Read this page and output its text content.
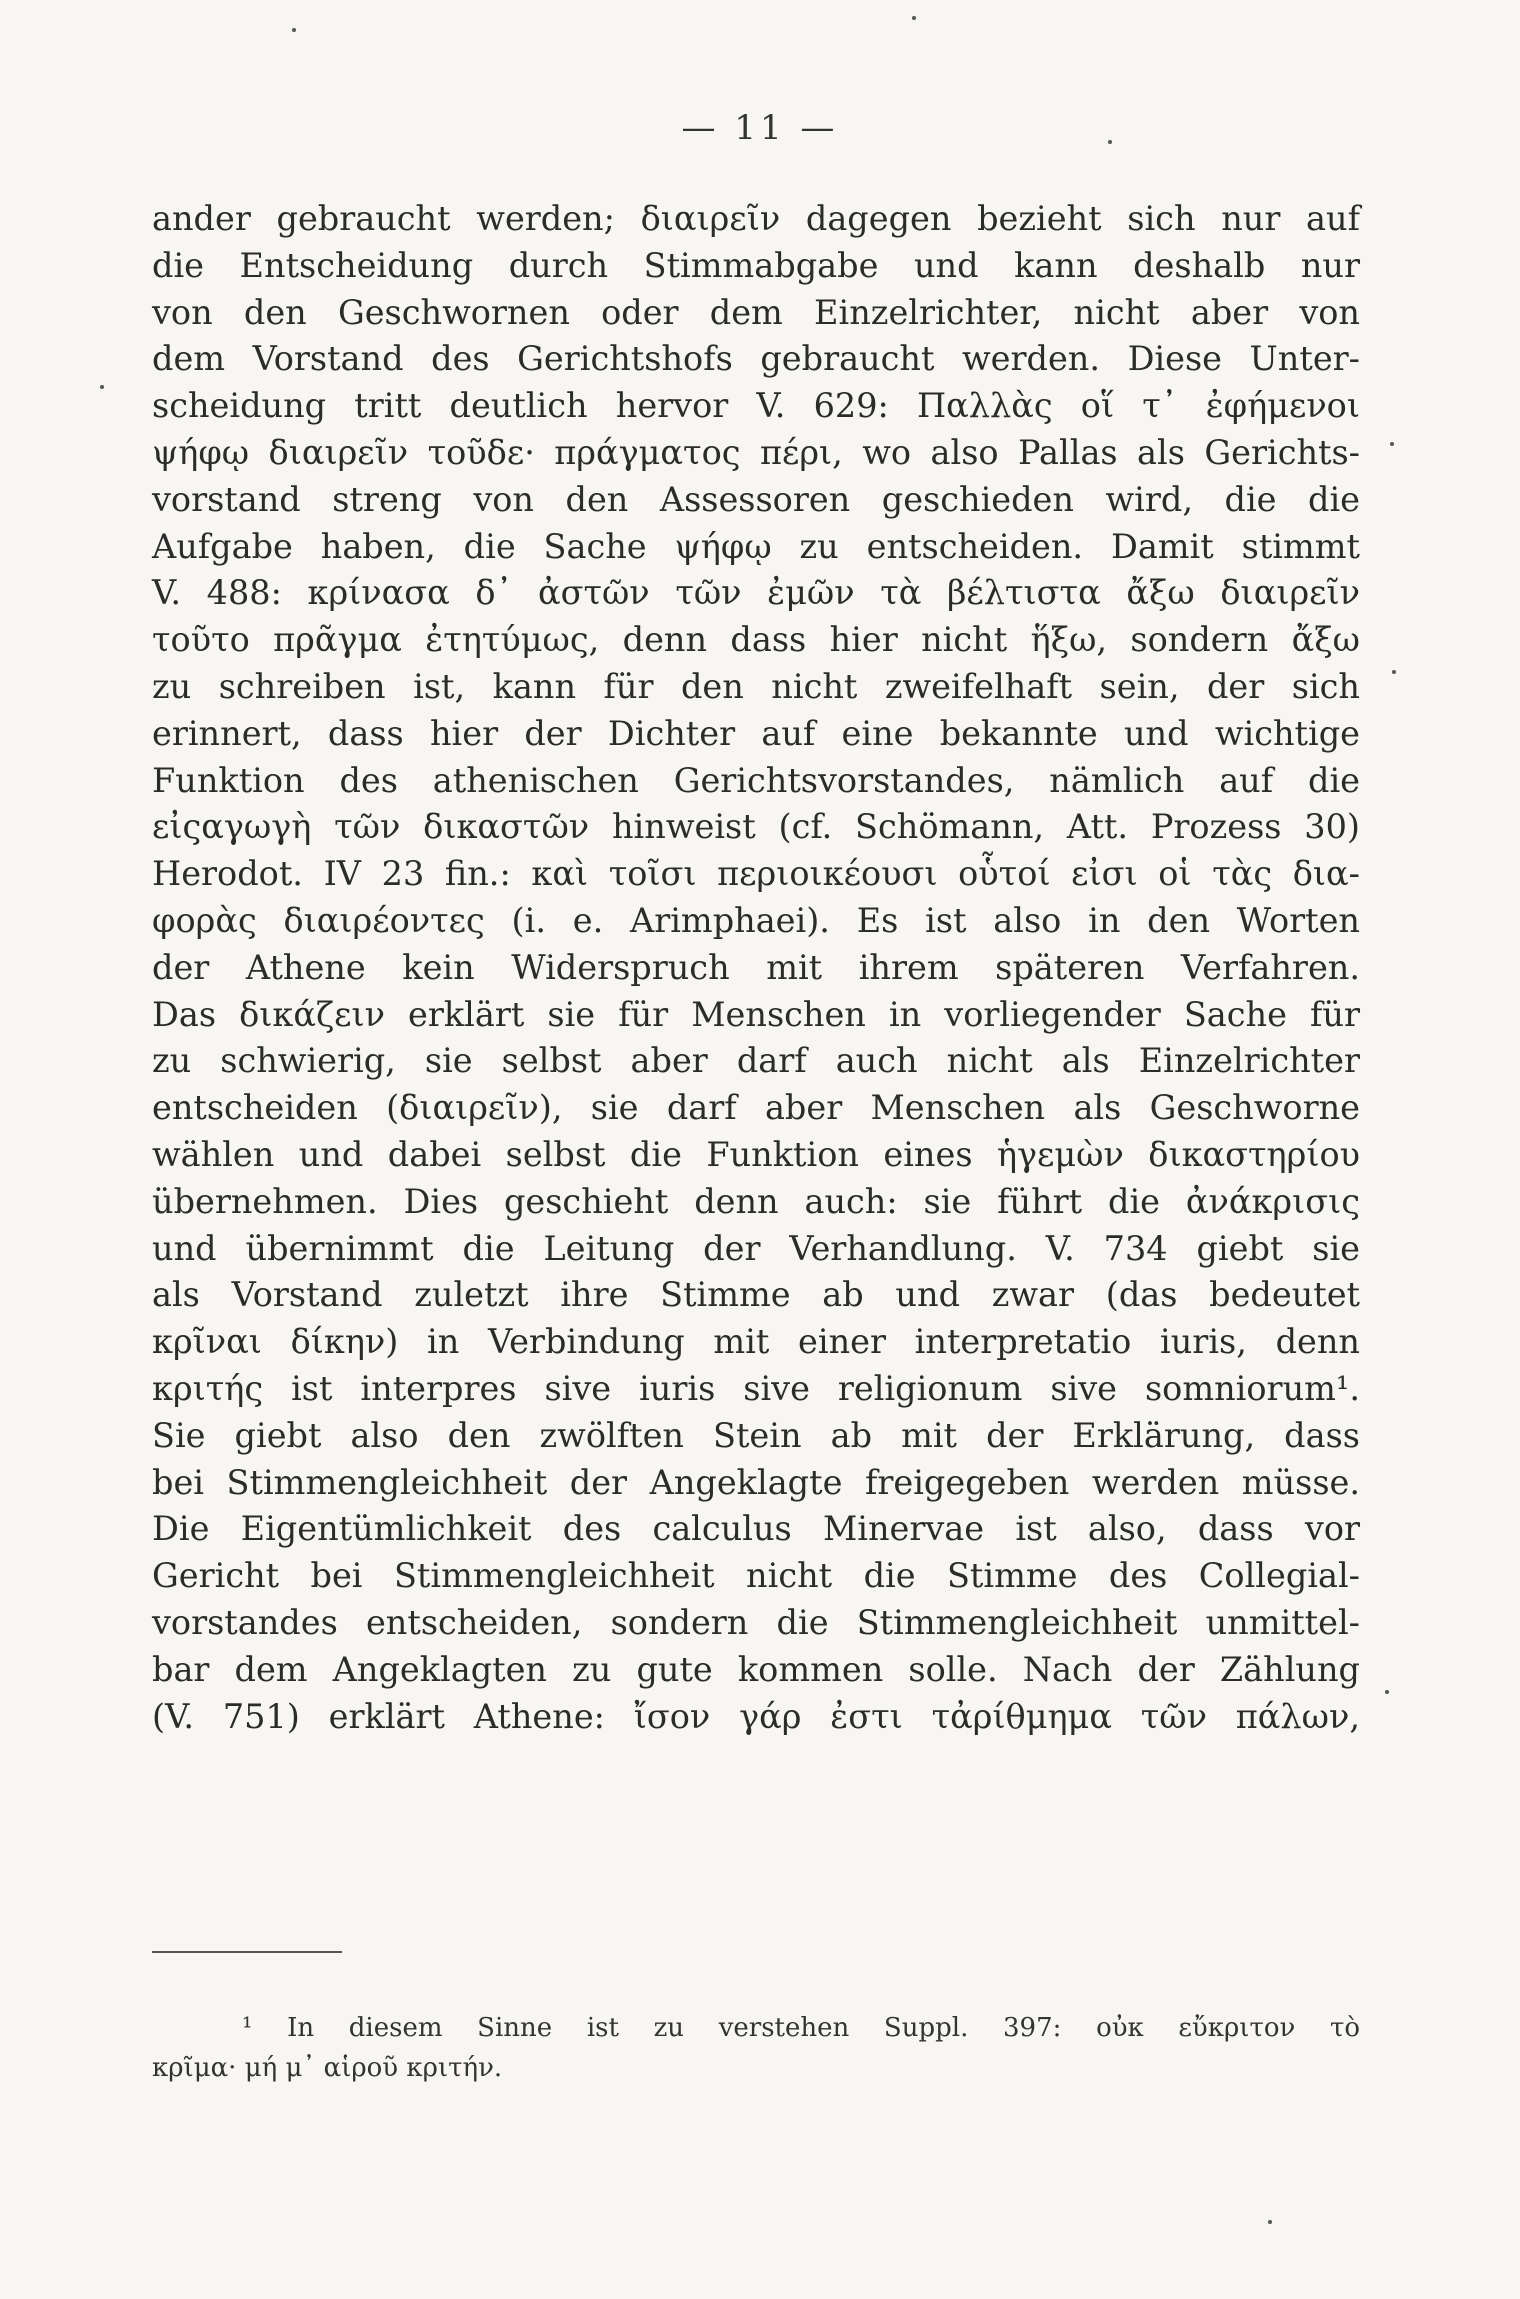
— 11 —
ander gebraucht werden; διαιρεῖν dagegen bezieht sich nur auf
die Entscheidung durch Stimmabgabe und kann deshalb nur
von den Geschwornen oder dem Einzelrichter, nicht aber von
dem Vorstand des Gerichtshofs gebraucht werden. Diese Unter-
scheidung tritt deutlich hervor V. 629: Παλλὰς οἵ τ᾽ ἐφήμενοι
ψήφῳ διαιρεῖν τοῦδε· πράγματος πέρι, wo also Pallas als Gerichts-
vorstand streng von den Assessoren geschieden wird, die die
Aufgabe haben, die Sache ψήφῳ zu entscheiden. Damit stimmt
V. 488: κρίνασα δ᾽ ἀστῶν τῶν ἐμῶν τὰ βέλτιστα ἄξω διαιρεῖν
τοῦτο πρᾶγμα ἐτητύμως, denn dass hier nicht ἥξω, sondern ἄξω
zu schreiben ist, kann für den nicht zweifelhaft sein, der sich
erinnert, dass hier der Dichter auf eine bekannte und wichtige
Funktion des athenischen Gerichtsvorstandes, nämlich auf die
εἰςαγωγὴ τῶν δικαστῶν hinweist (cf. Schömann, Att. Prozess 30)
Herodot. IV 23 fin.: καὶ τοῖσι περιοικέουσι οὗτοί εἰσι οἱ τὰς δια-
φορὰς διαιρέοντες (i. e. Arimphaei). Es ist also in den Worten
der Athene kein Widerspruch mit ihrem späteren Verfahren.
Das δικάζειν erklärt sie für Menschen in vorliegender Sache für
zu schwierig, sie selbst aber darf auch nicht als Einzelrichter
entscheiden (διαιρεῖν), sie darf aber Menschen als Geschworne
wählen und dabei selbst die Funktion eines ἡγεμὼν δικαστηρίου
übernehmen. Dies geschieht denn auch: sie führt die ἀνάκρισις
und übernimmt die Leitung der Verhandlung. V. 734 giebt sie
als Vorstand zuletzt ihre Stimme ab und zwar (das bedeutet
κρῖναι δίκην) in Verbindung mit einer interpretatio iuris, denn
κριτής ist interpres sive iuris sive religionum sive somniorum¹.
Sie giebt also den zwölften Stein ab mit der Erklärung, dass
bei Stimmengleichheit der Angeklagte freigegeben werden müsse.
Die Eigentümlichkeit des calculus Minervae ist also, dass vor
Gericht bei Stimmengleichheit nicht die Stimme des Collegial-
vorstandes entscheiden, sondern die Stimmengleichheit unmittel-
bar dem Angeklagten zu gute kommen solle. Nach der Zählung
(V. 751) erklärt Athene: ἴσον γάρ ἐστι τἀρίθμημα τῶν πάλων,
¹ In diesem Sinne ist zu verstehen Suppl. 397: οὐκ εὔκριτον τὸ
κρῖμα· μή μ᾽ αἱροῦ κριτήν.
